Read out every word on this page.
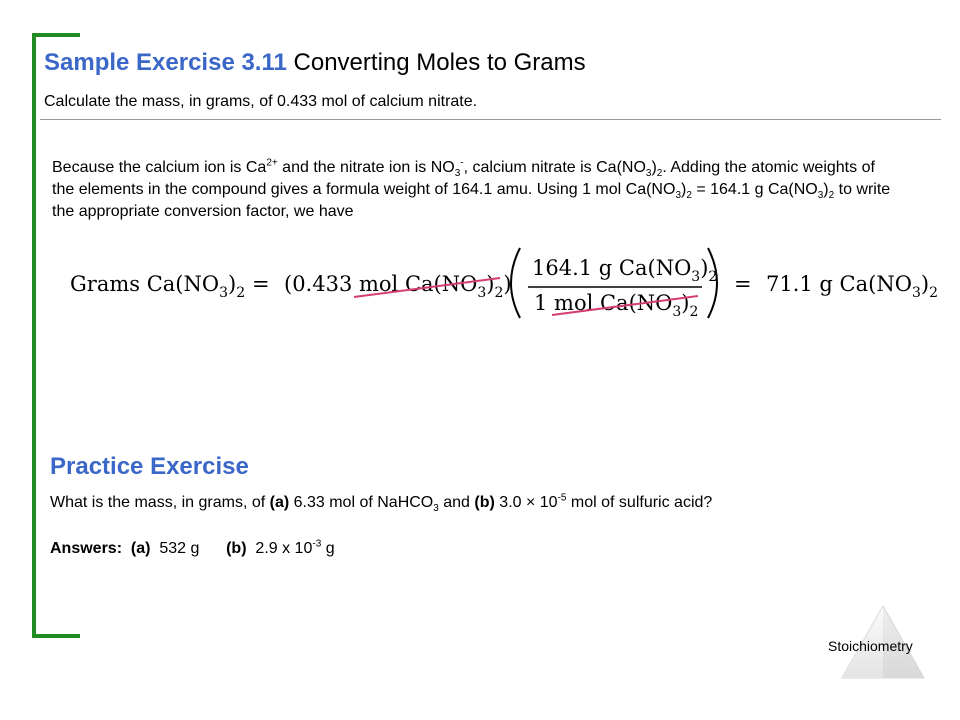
Sample Exercise 3.11 Converting Moles to Grams
Calculate the mass, in grams, of 0.433 mol of calcium nitrate.
Because the calcium ion is $Ca^{2+}$ and the nitrate ion is $NO_3^-$, calcium nitrate is $Ca(NO_3)_2$. Adding the atomic weights of the elements in the compound gives a formula weight of 164.1 amu. Using 1 mol $Ca(NO_3)_2 = 164.1$ g $Ca(NO_3)_2$ to write the appropriate conversion factor, we have
Grams $Ca(NO_3)_2 = (0.433$ mol $Ca(NO_3)_2$)
164.1 g $Ca(NO_3)_2$
1 mol $Ca(NO_3)_2$
= 71.1 g $Ca(NO_3)_2$
Practice Exercise
What is the mass, in grams, of (a) 6.33 mol of NaHCO$_3$ and (b) $3.0 \times 10^{-5}$ mol of sulfuric acid?
Answers: (a) 532 g (b) 2.9 x $10^{-3}$ g
Stoichiometry
